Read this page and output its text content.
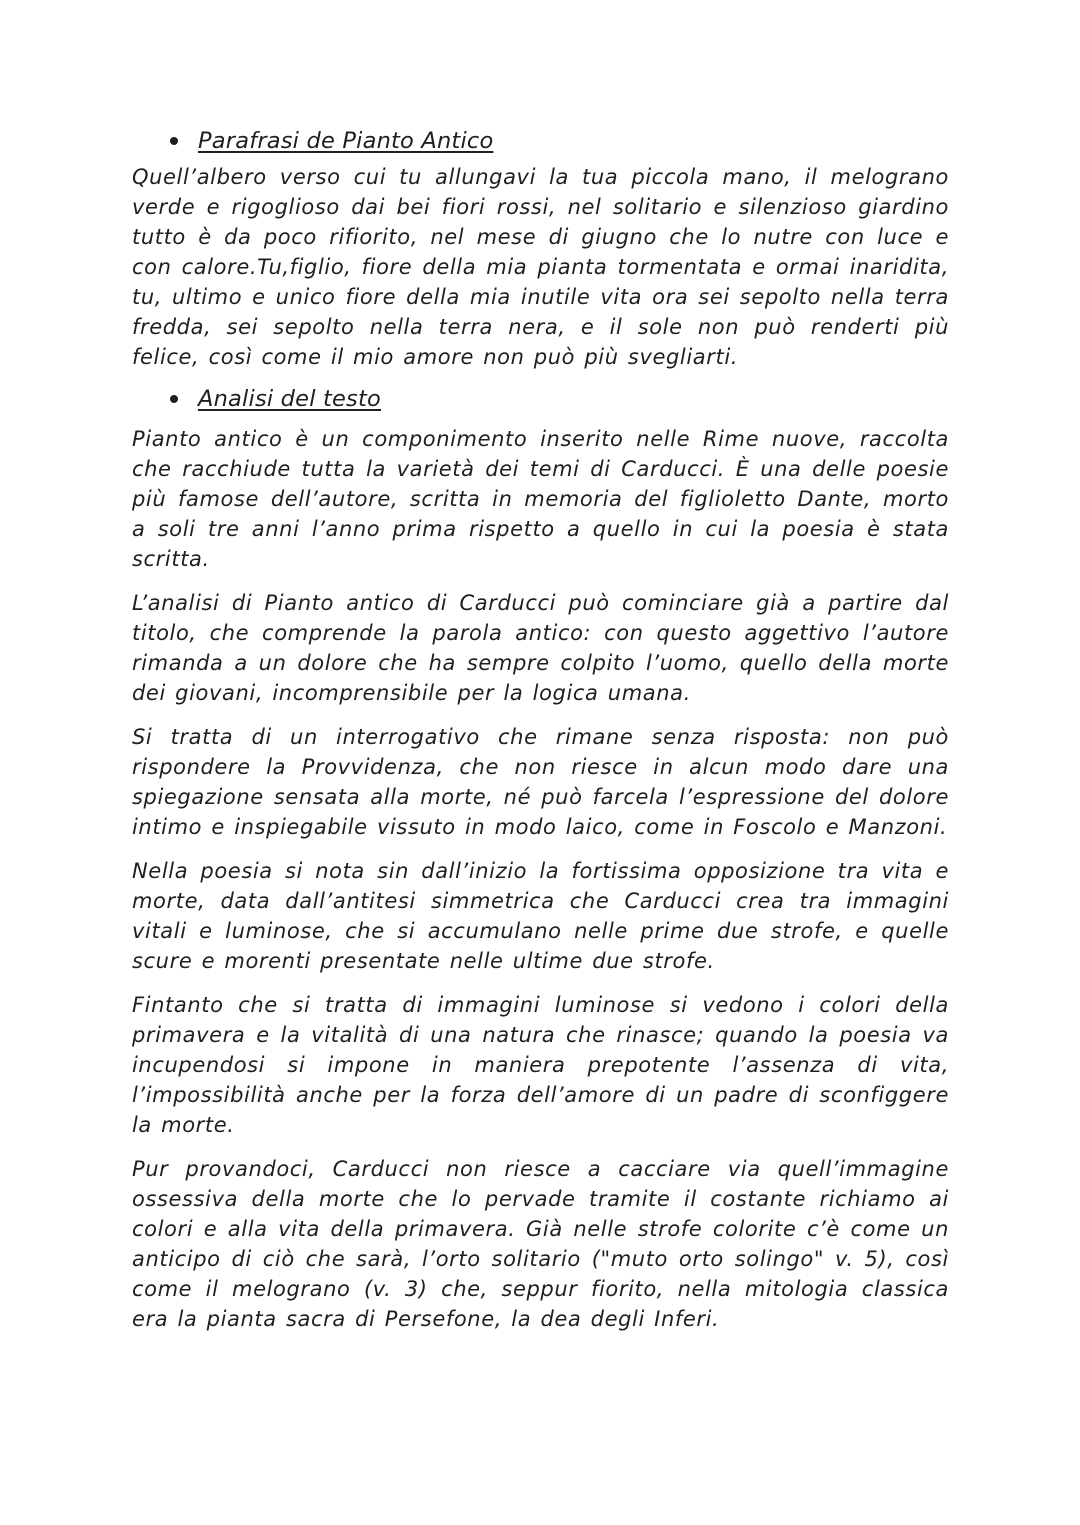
Parafrasi de Pianto Antico

Quell’albero verso cui tu allungavi la tua piccola mano, il melograno verde e rigoglioso dai bei fiori rossi, nel solitario e silenzioso giardino tutto è da poco rifiorito, nel mese di giugno che lo nutre con luce e con calore.Tu,figlio, fiore della mia pianta tormentata e ormai inaridita, tu, ultimo e unico fiore della mia inutile vita ora sei sepolto nella terra fredda, sei sepolto nella terra nera, e il sole non può renderti più felice, così come il mio amore non può più svegliarti.

Analisi del testo

Pianto antico è un componimento inserito nelle Rime nuove, raccolta che racchiude tutta la varietà dei temi di Carducci. È una delle poesie più famose dell’autore, scritta in memoria del figlioletto Dante, morto a soli tre anni l’anno prima rispetto a quello in cui la poesia è stata scritta.

L’analisi di Pianto antico di Carducci può cominciare già a partire dal titolo, che comprende la parola antico: con questo aggettivo l’autore rimanda a un dolore che ha sempre colpito l’uomo, quello della morte dei giovani, incomprensibile per la logica umana.

Si tratta di un interrogativo che rimane senza risposta: non può rispondere la Provvidenza, che non riesce in alcun modo dare una spiegazione sensata alla morte, né può farcela l’espressione del dolore intimo e inspiegabile vissuto in modo laico, come in Foscolo e Manzoni.

Nella poesia si nota sin dall’inizio la fortissima opposizione tra vita e morte, data dall’antitesi simmetrica che Carducci crea tra immagini vitali e luminose, che si accumulano nelle prime due strofe, e quelle scure e morenti presentate nelle ultime due strofe.

Fintanto che si tratta di immagini luminose si vedono i colori della primavera e la vitalità di una natura che rinasce; quando la poesia va incupendosi si impone in maniera prepotente l’assenza di vita, l’impossibilità anche per la forza dell’amore di un padre di sconfiggere la morte.

Pur provandoci, Carducci non riesce a cacciare via quell’immagine ossessiva della morte che lo pervade tramite il costante richiamo ai colori e alla vita della primavera. Già nelle strofe colorite c’è come un anticipo di ciò che sarà, l’orto solitario ("muto orto solingo" v. 5), così come il melograno (v. 3) che, seppur fiorito, nella mitologia classica era la pianta sacra di Persefone, la dea degli Inferi.
